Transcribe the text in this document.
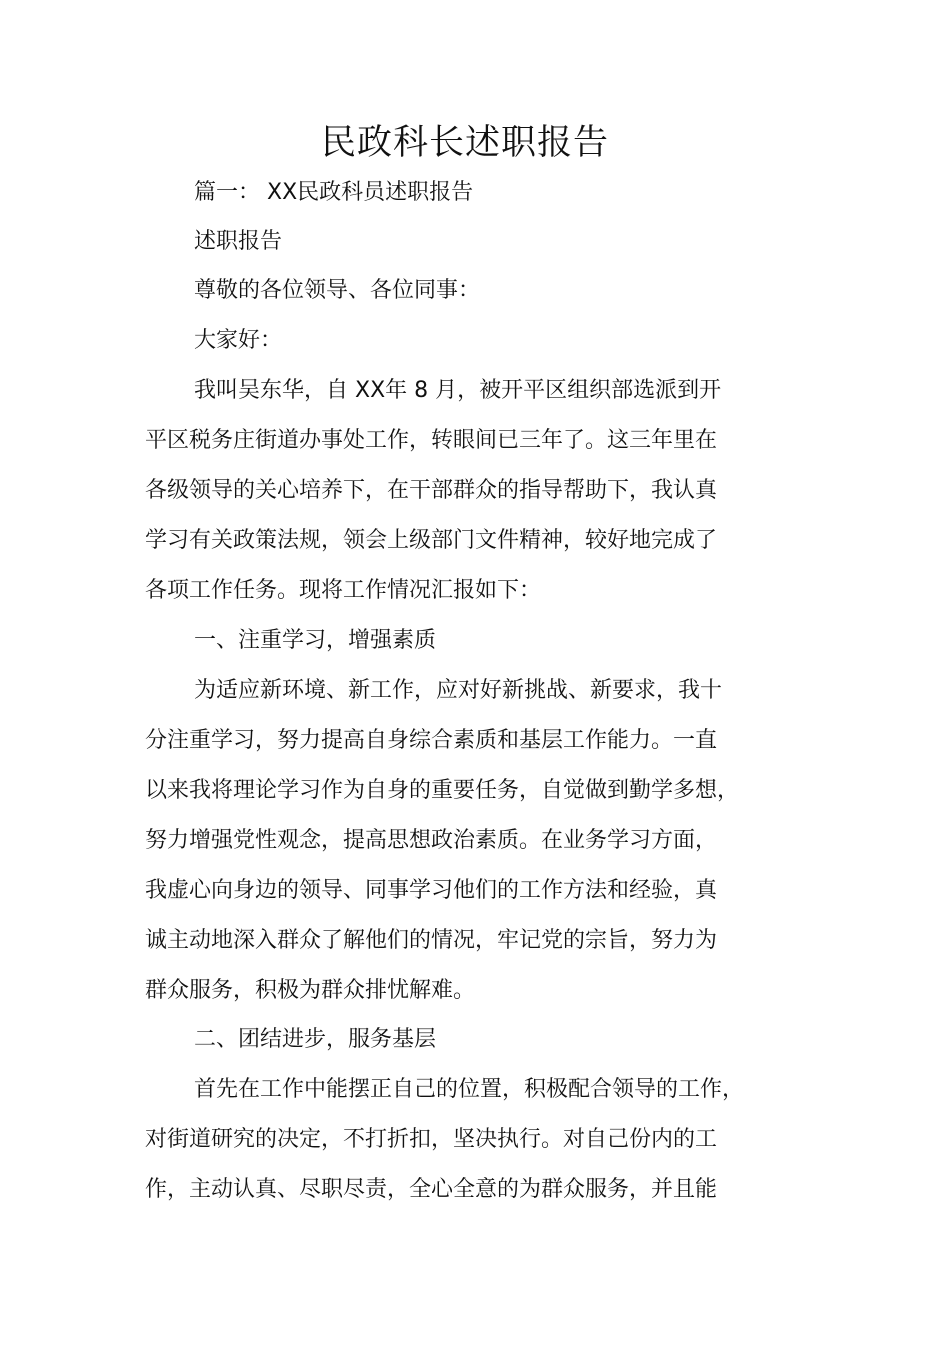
民政科长述职报告
篇一： XX民政科员述职报告
述职报告
尊敬的各位领导、各位同事：
大家好：
我叫吴东华，自 XX年 8 月，被开平区组织部选派到开
平区税务庄街道办事处工作，转眼间已三年了。这三年里在
各级领导的关心培养下，在干部群众的指导帮助下，我认真
学习有关政策法规，领会上级部门文件精神，较好地完成了
各项工作任务。现将工作情况汇报如下：
一、注重学习，增强素质
为适应新环境、新工作，应对好新挑战、新要求，我十
分注重学习，努力提高自身综合素质和基层工作能力。一直
以来我将理论学习作为自身的重要任务，自觉做到勤学多想，
努力增强党性观念，提高思想政治素质。在业务学习方面，
我虚心向身边的领导、同事学习他们的工作方法和经验，真
诚主动地深入群众了解他们的情况，牢记党的宗旨，努力为
群众服务，积极为群众排忧解难。
二、团结进步，服务基层
首先在工作中能摆正自己的位置，积极配合领导的工作，
对街道研究的决定，不打折扣，坚决执行。对自己份内的工
作，主动认真、尽职尽责，全心全意的为群众服务，并且能
